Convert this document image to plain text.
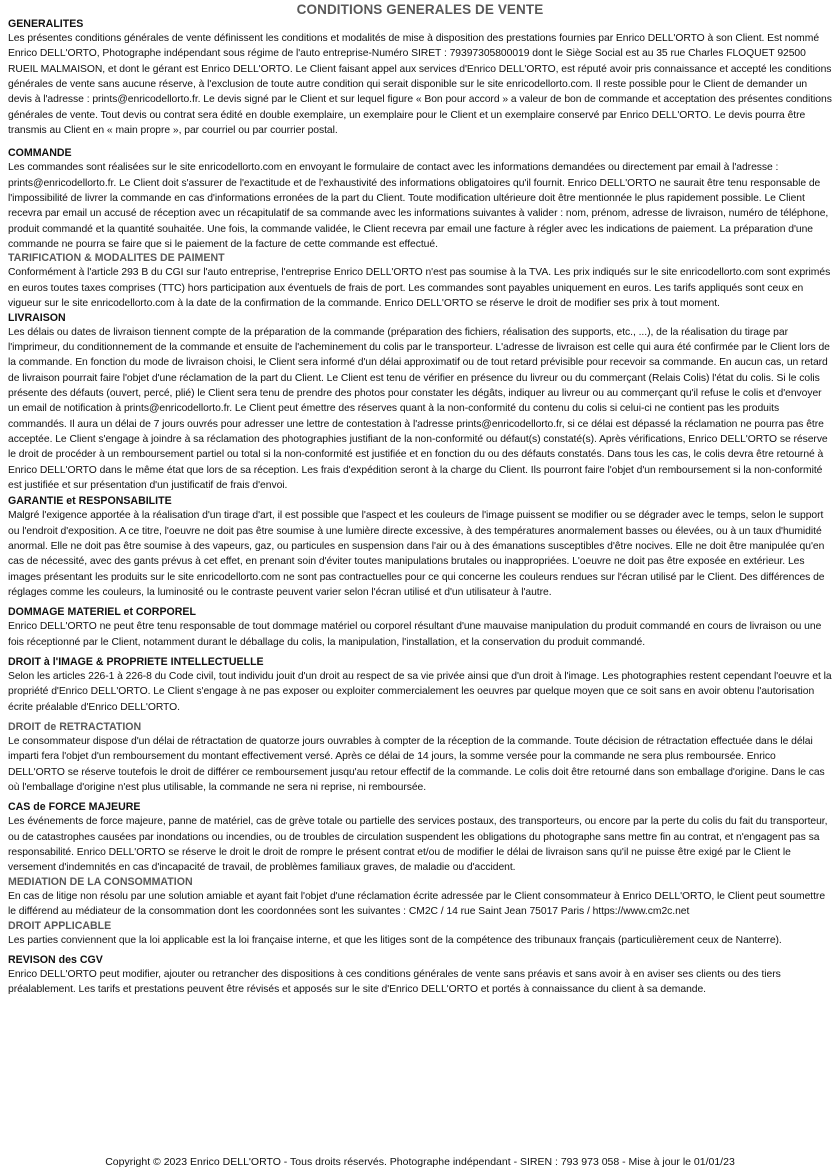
CONDITIONS GENERALES DE VENTE
GENERALITES

Les présentes conditions générales de vente définissent les conditions et modalités de mise à disposition des prestations fournies par Enrico DELL'ORTO à son Client. Est nommé Enrico DELL'ORTO, Photographe indépendant sous régime de l'auto entreprise-Numéro SIRET : 79397305800019 dont le Siège Social est au 35 rue Charles FLOQUET 92500 RUEIL MALMAISON, et dont le gérant est Enrico DELL'ORTO. Le Client faisant appel aux services d'Enrico DELL'ORTO, est réputé avoir pris connaissance et accepté les conditions générales de vente sans aucune réserve, à l'exclusion de toute autre condition qui serait disponible sur le site enricodellorto.com. Il reste possible pour le Client de demander un devis à l'adresse : prints@enricodellorto.fr. Le devis signé par le Client et sur lequel figure « Bon pour accord » a valeur de bon de commande et acceptation des présentes conditions générales de vente. Tout devis ou contrat sera édité en double exemplaire, un exemplaire pour le Client et un exemplaire conservé par Enrico DELL'ORTO. Le devis pourra être transmis au Client en « main propre », par courriel ou par courrier postal.

COMMANDE

Les commandes sont réalisées sur le site enricodellorto.com en envoyant le formulaire de contact avec les informations demandées ou directement par email à l'adresse : prints@enricodellorto.fr. Le Client doit s'assurer de l'exactitude et de l'exhaustivité des informations obligatoires qu'il fournit. Enrico DELL'ORTO ne saurait être tenu responsable de l'impossibilité de livrer la commande en cas d'informations erronées de la part du Client. Toute modification ultérieure doit être mentionnée le plus rapidement possible. Le Client recevra par email un accusé de réception avec un récapitulatif de sa commande avec les informations suivantes à valider : nom, prénom, adresse de livraison, numéro de téléphone, produit commandé et la quantité souhaitée. Une fois, la commande validée, le Client recevra par email une facture à régler avec les indications de paiement. La préparation d'une commande ne pourra se faire que si le paiement de la facture de cette commande est effectué.

TARIFICATION & MODALITES DE PAIMENT

Conformément à l'article 293 B du CGI sur l'auto entreprise, l'entreprise Enrico DELL'ORTO n'est pas soumise à la TVA. Les prix indiqués sur le site enricodellorto.com sont exprimés en euros toutes taxes comprises (TTC) hors participation aux éventuels de frais de port. Les commandes sont payables uniquement en euros. Les tarifs appliqués sont ceux en vigueur sur le site enricodellorto.com à la date de la confirmation de la commande. Enrico DELL'ORTO se réserve le droit de modifier ses prix à tout moment.

LIVRAISON

Les délais ou dates de livraison tiennent compte de la préparation de la commande (préparation des fichiers, réalisation des supports, etc., ...), de la réalisation du tirage par l'imprimeur, du conditionnement de la commande et ensuite de l'acheminement du colis par le transporteur. L'adresse de livraison est celle qui aura été confirmée par le Client lors de la commande. En fonction du mode de livraison choisi, le Client sera informé d'un délai approximatif ou de tout retard prévisible pour recevoir sa commande. En aucun cas, un retard de livraison pourrait faire l'objet d'une réclamation de la part du Client. Le Client est tenu de vérifier en présence du livreur ou du commerçant (Relais Colis) l'état du colis. Si le colis présente des défauts (ouvert, percé, plié) le Client sera tenu de prendre des photos pour constater les dégâts, indiquer au livreur ou au commerçant qu'il refuse le colis et d'envoyer un email de notification à prints@enricodellorto.fr. Le Client peut émettre des réserves quant à la non-conformité du contenu du colis si celui-ci ne contient pas les produits commandés. Il aura un délai de 7 jours ouvrés pour adresser une lettre de contestation à l'adresse prints@enricodellorto.fr, si ce délai est dépassé la réclamation ne pourra pas être acceptée. Le Client s'engage à joindre à sa réclamation des photographies justifiant de la non-conformité ou défaut(s) constaté(s). Après vérifications, Enrico DELL'ORTO se réserve le droit de procéder à un remboursement partiel ou total si la non-conformité est justifiée et en fonction du ou des défauts constatés. Dans tous les cas, le colis devra être retourné à Enrico DELL'ORTO dans le même état que lors de sa réception. Les frais d'expédition seront à la charge du Client. Ils pourront faire l'objet d'un remboursement si la non-conformité est justifiée et sur présentation d'un justificatif de frais d'envoi.

GARANTIE et RESPONSABILITE

Malgré l'exigence apportée à la réalisation d'un tirage d'art, il est possible que l'aspect et les couleurs de l'image puissent se modifier ou se dégrader avec le temps, selon le support ou l'endroit d'exposition. A ce titre, l'oeuvre ne doit pas être soumise à une lumière directe excessive, à des températures anormalement basses ou élevées, ou à un taux d'humidité anormal. Elle ne doit pas être soumise à des vapeurs, gaz, ou particules en suspension dans l'air ou à des émanations susceptibles d'être nocives. Elle ne doit être manipulée qu'en cas de nécessité, avec des gants prévus à cet effet, en prenant soin d'éviter toutes manipulations brutales ou inappropriées. L'oeuvre ne doit pas être exposée en extérieur. Les images présentant les produits sur le site enricodellorto.com ne sont pas contractuelles pour ce qui concerne les couleurs rendues sur l'écran utilisé par le Client. Des différences de réglages comme les couleurs, la luminosité ou le contraste peuvent varier selon l'écran utilisé et d'un utilisateur à l'autre.

DOMMAGE MATERIEL et CORPOREL

Enrico DELL'ORTO ne peut être tenu responsable de tout dommage matériel ou corporel résultant d'une mauvaise manipulation du produit commandé en cours de livraison ou une fois réceptionné par le Client, notamment durant le déballage du colis, la manipulation, l'installation, et la conservation du produit commandé.

DROIT à l'IMAGE & PROPRIETE INTELLECTUELLE

Selon les articles 226-1 à 226-8 du Code civil, tout individu jouit d'un droit au respect de sa vie privée ainsi que d'un droit à l'image. Les photographies restent cependant l'oeuvre et la propriété d'Enrico DELL'ORTO. Le Client s'engage à ne pas exposer ou exploiter commercialement les oeuvres par quelque moyen que ce soit sans en avoir obtenu l'autorisation écrite préalable d'Enrico DELL'ORTO.

DROIT de RETRACTATION

Le consommateur dispose d'un délai de rétractation de quatorze jours ouvrables à compter de la réception de la commande. Toute décision de rétractation effectuée dans le délai imparti fera l'objet d'un remboursement du montant effectivement versé. Après ce délai de 14 jours, la somme versée pour la commande ne sera plus remboursée. Enrico DELL'ORTO se réserve toutefois le droit de différer ce remboursement jusqu'au retour effectif de la commande. Le colis doit être retourné dans son emballage d'origine. Dans le cas où l'emballage d'origine n'est plus utilisable, la commande ne sera ni reprise, ni remboursée.

CAS de FORCE MAJEURE

Les événements de force majeure, panne de matériel, cas de grève totale ou partielle des services postaux, des transporteurs, ou encore par la perte du colis du fait du transporteur, ou de catastrophes causées par inondations ou incendies, ou de troubles de circulation suspendent les obligations du photographe sans mettre fin au contrat, et n'engagent pas sa responsabilité. Enrico DELL'ORTO se réserve le droit le droit de rompre le présent contrat et/ou de modifier le délai de livraison sans qu'il ne puisse être exigé par le Client le versement d'indemnités en cas d'incapacité de travail, de problèmes familiaux graves, de maladie ou d'accident.

MEDIATION DE LA CONSOMMATION

En cas de litige non résolu par une solution amiable et ayant fait l'objet d'une réclamation écrite adressée par le Client consommateur à Enrico DELL'ORTO, le Client peut soumettre le différend au médiateur de la consommation dont les coordonnées sont les suivantes : CM2C / 14 rue Saint Jean 75017 Paris / https://www.cm2c.net

DROIT APPLICABLE

Les parties conviennent que la loi applicable est la loi française interne, et que les litiges sont de la compétence des tribunaux français (particulièrement ceux de Nanterre).

REVISON des CGV

Enrico DELL'ORTO peut modifier, ajouter ou retrancher des dispositions à ces conditions générales de vente sans préavis et sans avoir à en aviser ses clients ou des tiers préalablement. Les tarifs et prestations peuvent être révisés et apposés sur le site d'Enrico DELL'ORTO et portés à connaissance du client à sa demande.

Copyright © 2023 Enrico DELL'ORTO - Tous droits réservés. Photographe indépendant - SIREN : 793 973 058 - Mise à jour le 01/01/23
